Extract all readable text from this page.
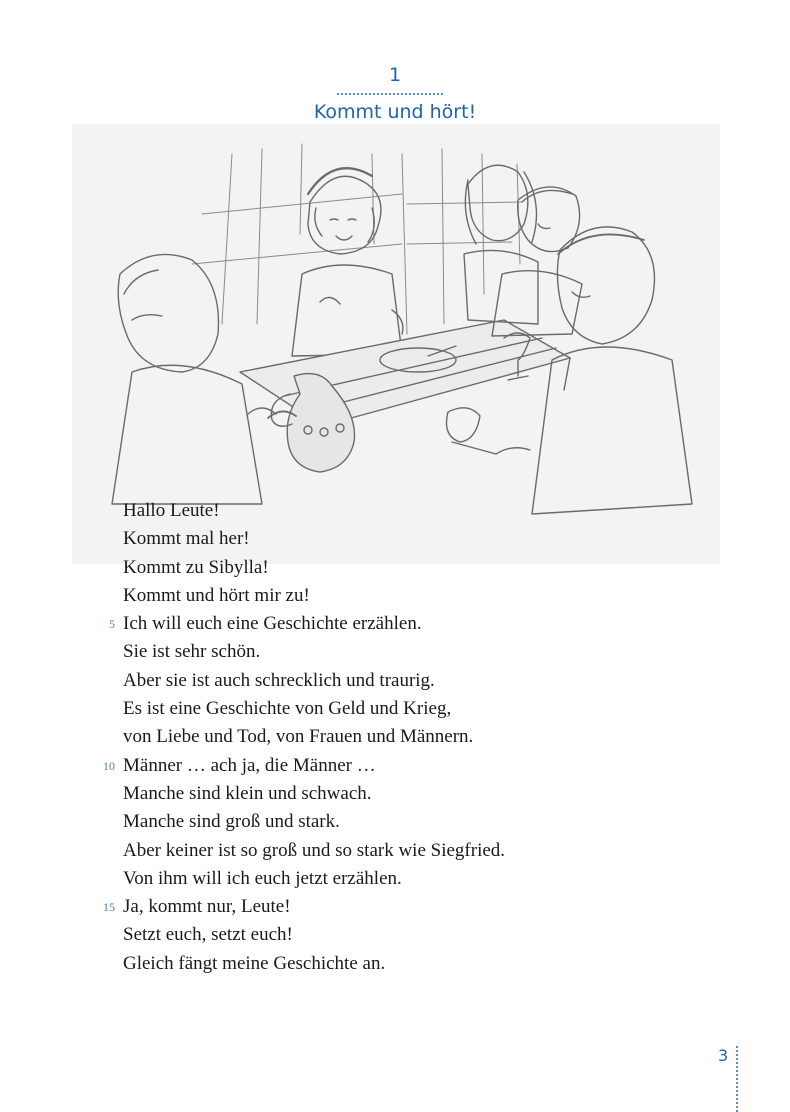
1
Kommt und hört!
Hallo Leute!
Kommt mal her!
Kommt zu Sibylla!
Kommt und hört mir zu!
5 Ich will euch eine Geschichte erzählen.
Sie ist sehr schön.
Aber sie ist auch schrecklich und traurig.
Es ist eine Geschichte von Geld und Krieg,
von Liebe und Tod, von Frauen und Männern.
10 Männer … ach ja, die Männer …
Manche sind klein und schwach.
Manche sind groß und stark.
Aber keiner ist so groß und so stark wie Siegfried.
Von ihm will ich euch jetzt erzählen.
15 Ja, kommt nur, Leute!
Setzt euch, setzt euch!
Gleich fängt meine Geschichte an.
3
